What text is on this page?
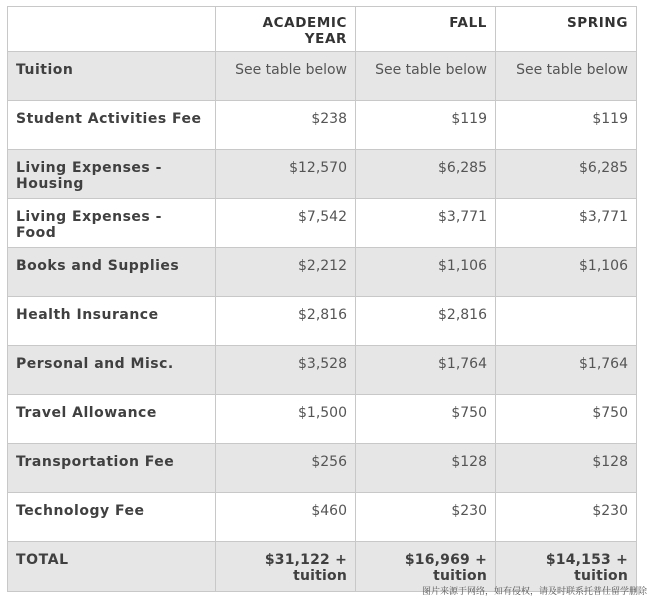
	ACADEMIC YEAR	FALL	SPRING
Tuition	See table below	See table below	See table below
Student Activities Fee	$238	$119	$119
Living Expenses - Housing	$12,570	$6,285	$6,285
Living Expenses - Food	$7,542	$3,771	$3,771
Books and Supplies	$2,212	$1,106	$1,106
Health Insurance	$2,816	$2,816	
Personal and Misc.	$3,528	$1,764	$1,764
Travel Allowance	$1,500	$750	$750
Transportation Fee	$256	$128	$128
Technology Fee	$460	$230	$230
TOTAL	$31,122 + tuition	$16,969 + tuition	$14,153 + tuition
图片来源于网络，如有侵权，请及时联系托普仕留学删除
